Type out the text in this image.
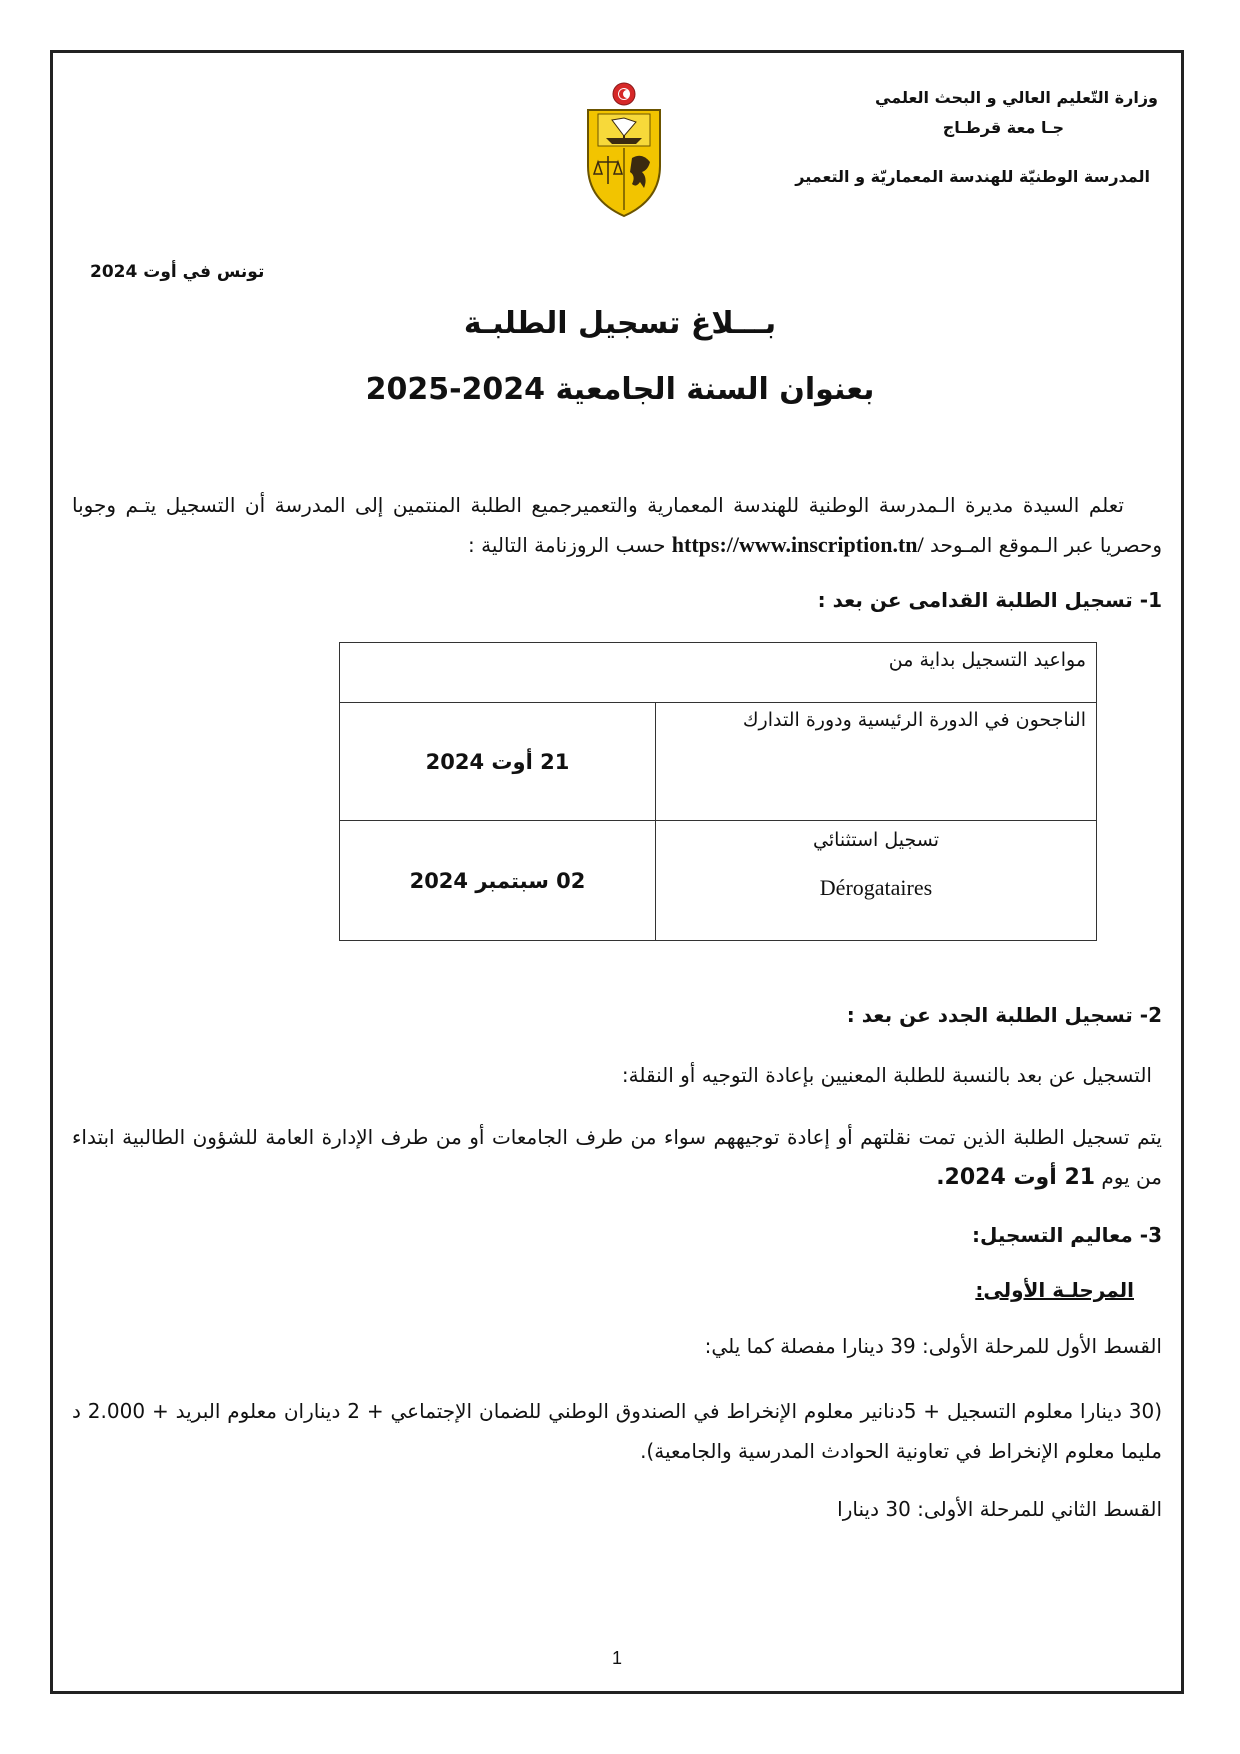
وزارة التّعليم العالي و البحث العلمي
جـا معة قرطـاج
المدرسة الوطنيّة للهندسة المعماريّة و التعمير
تونس في أوت 2024
بـــلاغ تسجيل الطلبـة
بعنوان السنة الجامعية 2024-2025
تعلم السيدة مديرة الـمدرسة الوطنية للهندسة المعمارية والتعميرجميع الطلبة المنتمين إلى المدرسة أن التسجيل يتـم وجوبا وحصريا عبر الـموقع المـوحد https://www.inscription.tn/ حسب الروزنامة التالية :
1- تسجيل الطلبة القدامى عن بعد :
مواعيد التسجيل بداية من	
الناجحون في الدورة الرئيسية ودورة التدارك	21 أوت 2024

تسجيل استثنائي
Dérogataires	02 سبتمبر 2024
2- تسجيل الطلبة الجدد عن بعد :
التسجيل عن بعد بالنسبة للطلبة المعنيين بإعادة التوجيه أو النقلة:
يتم تسجيل الطلبة الذين تمت نقلتهم أو إعادة توجيههم سواء من طرف الجامعات أو من طرف الإدارة العامة للشؤون الطالبية ابتداء من يوم 21 أوت 2024.
3- معاليم التسجيل:
المرحلـة الأولى:
القسط الأول للمرحلة الأولى: 39 دينارا مفصلة كما يلي:
(30 دينارا معلوم التسجيل + 5دنانير معلوم الإنخراط في الصندوق الوطني للضمان الإجتماعي + 2 دينارا‌ن معلوم البريد + 2.000 د مليما معلوم الإنخراط في تعاونية الحوادث المدرسية والجامعية).
القسط الثاني للمرحلة الأولى: 30 دينارا
1
